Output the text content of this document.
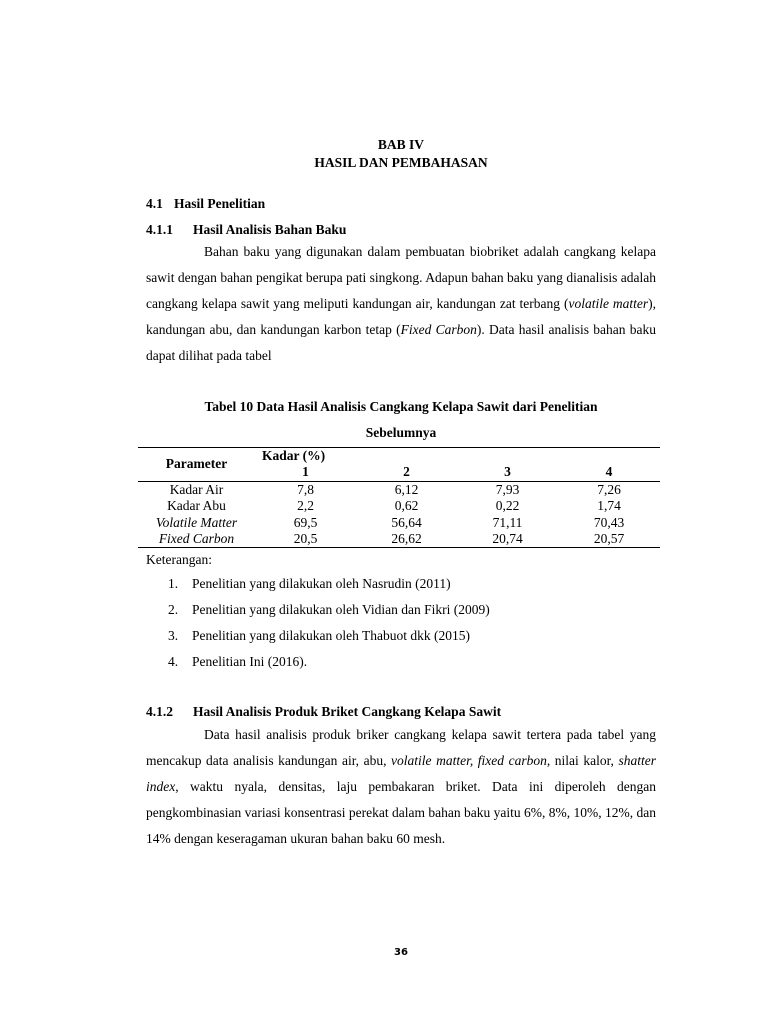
BAB IV
HASIL DAN PEMBAHASAN
4.1 Hasil Penelitian
4.1.1 Hasil Analisis Bahan Baku
Bahan baku yang digunakan dalam pembuatan biobriket adalah cangkang kelapa sawit dengan bahan pengikat berupa pati singkong. Adapun bahan baku yang dianalisis adalah cangkang kelapa sawit yang meliputi kandungan air, kandungan zat terbang (volatile matter), kandungan abu, dan kandungan karbon tetap (Fixed Carbon). Data hasil analisis bahan baku dapat dilihat pada tabel
Tabel 10 Data Hasil Analisis Cangkang Kelapa Sawit dari Penelitian
Sebelumnya
Parameter	Kadar (%)			
	1	2	3	4
Kadar Air	7,8	6,12	7,93	7,26
Kadar Abu	2,2	0,62	0,22	1,74
Volatile Matter	69,5	56,64	71,11	70,43
Fixed Carbon	20,5	26,62	20,74	20,57
Keterangan:
1. Penelitian yang dilakukan oleh Nasrudin (2011)
2. Penelitian yang dilakukan oleh Vidian dan Fikri (2009)
3. Penelitian yang dilakukan oleh Thabuot dkk (2015)
4. Penelitian Ini (2016).
4.1.2 Hasil Analisis Produk Briket Cangkang Kelapa Sawit
Data hasil analisis produk briker cangkang kelapa sawit tertera pada tabel yang mencakup data analisis kandungan air, abu, volatile matter, fixed carbon, nilai kalor, shatter index, waktu nyala, densitas, laju pembakaran briket. Data ini diperoleh dengan pengkombinasian variasi konsentrasi perekat dalam bahan baku yaitu 6%, 8%, 10%, 12%, dan 14% dengan keseragaman ukuran bahan baku 60 mesh.
36
